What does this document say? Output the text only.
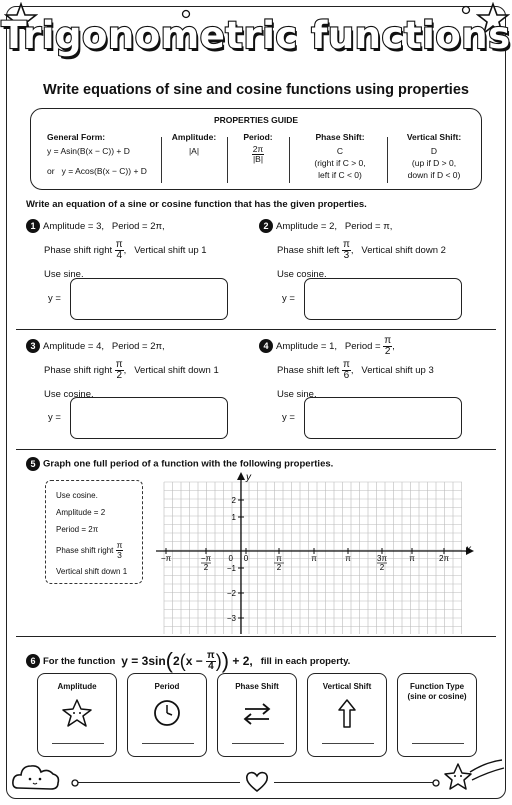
Trigonometric functions
Write equations of sine and cosine functions using properties
PROPERTIES GUIDE
General Form:
y = Asin(B(x − C)) + D
or y = Acos(B(x − C)) + D
Amplitude:
|A|
Period:
$\frac{2\pi}{|B|}$
Phase Shift:
C
(right if C > 0,
left if C < 0)
Vertical Shift:
D
(up if D > 0,
down if D < 0)
Write an equation of a sine or cosine function that has the given properties.
1 Amplitude = 3,
Period = 2π,
Phase shift right
$\frac{\pi}{4}$ ,
Vertical shift up 1
Use sine.
y =
2 Amplitude = 2,
Period = π,
Phase shift left
$\frac{\pi}{3}$ ,
Vertical shift down 2
Use cosine.
y =
3 Amplitude = 4,
Period = 2π,
Phase shift right
$\frac{\pi}{2}$ ,
Vertical shift down 1
Use cosine.
y =
4 Amplitude = 1,
Period =
$\frac{\pi}{2}$ ,
Phase shift left
$\frac{\pi}{6}$ ,
Vertical shift up 3
Use sine.
y =
5 Graph one full period of a function with the following properties.
Use cosine.
Amplitude = 2
Period = 2π
Phase shift right
$\frac{\pi}{3}$
Vertical shift down 1
x
y
−π	−π
2
0	π
2
π	π	3π
2
π	2π
2
1
0
−1
−2
−3
6 For the function y = 3sin ( 2 ( x −
$\frac{\pi}{4}$ ) )
+ 2, fill in each property.
Amplitude	Period	Phase Shift	Vertical Shift	Function Type
(sine or cosine)
